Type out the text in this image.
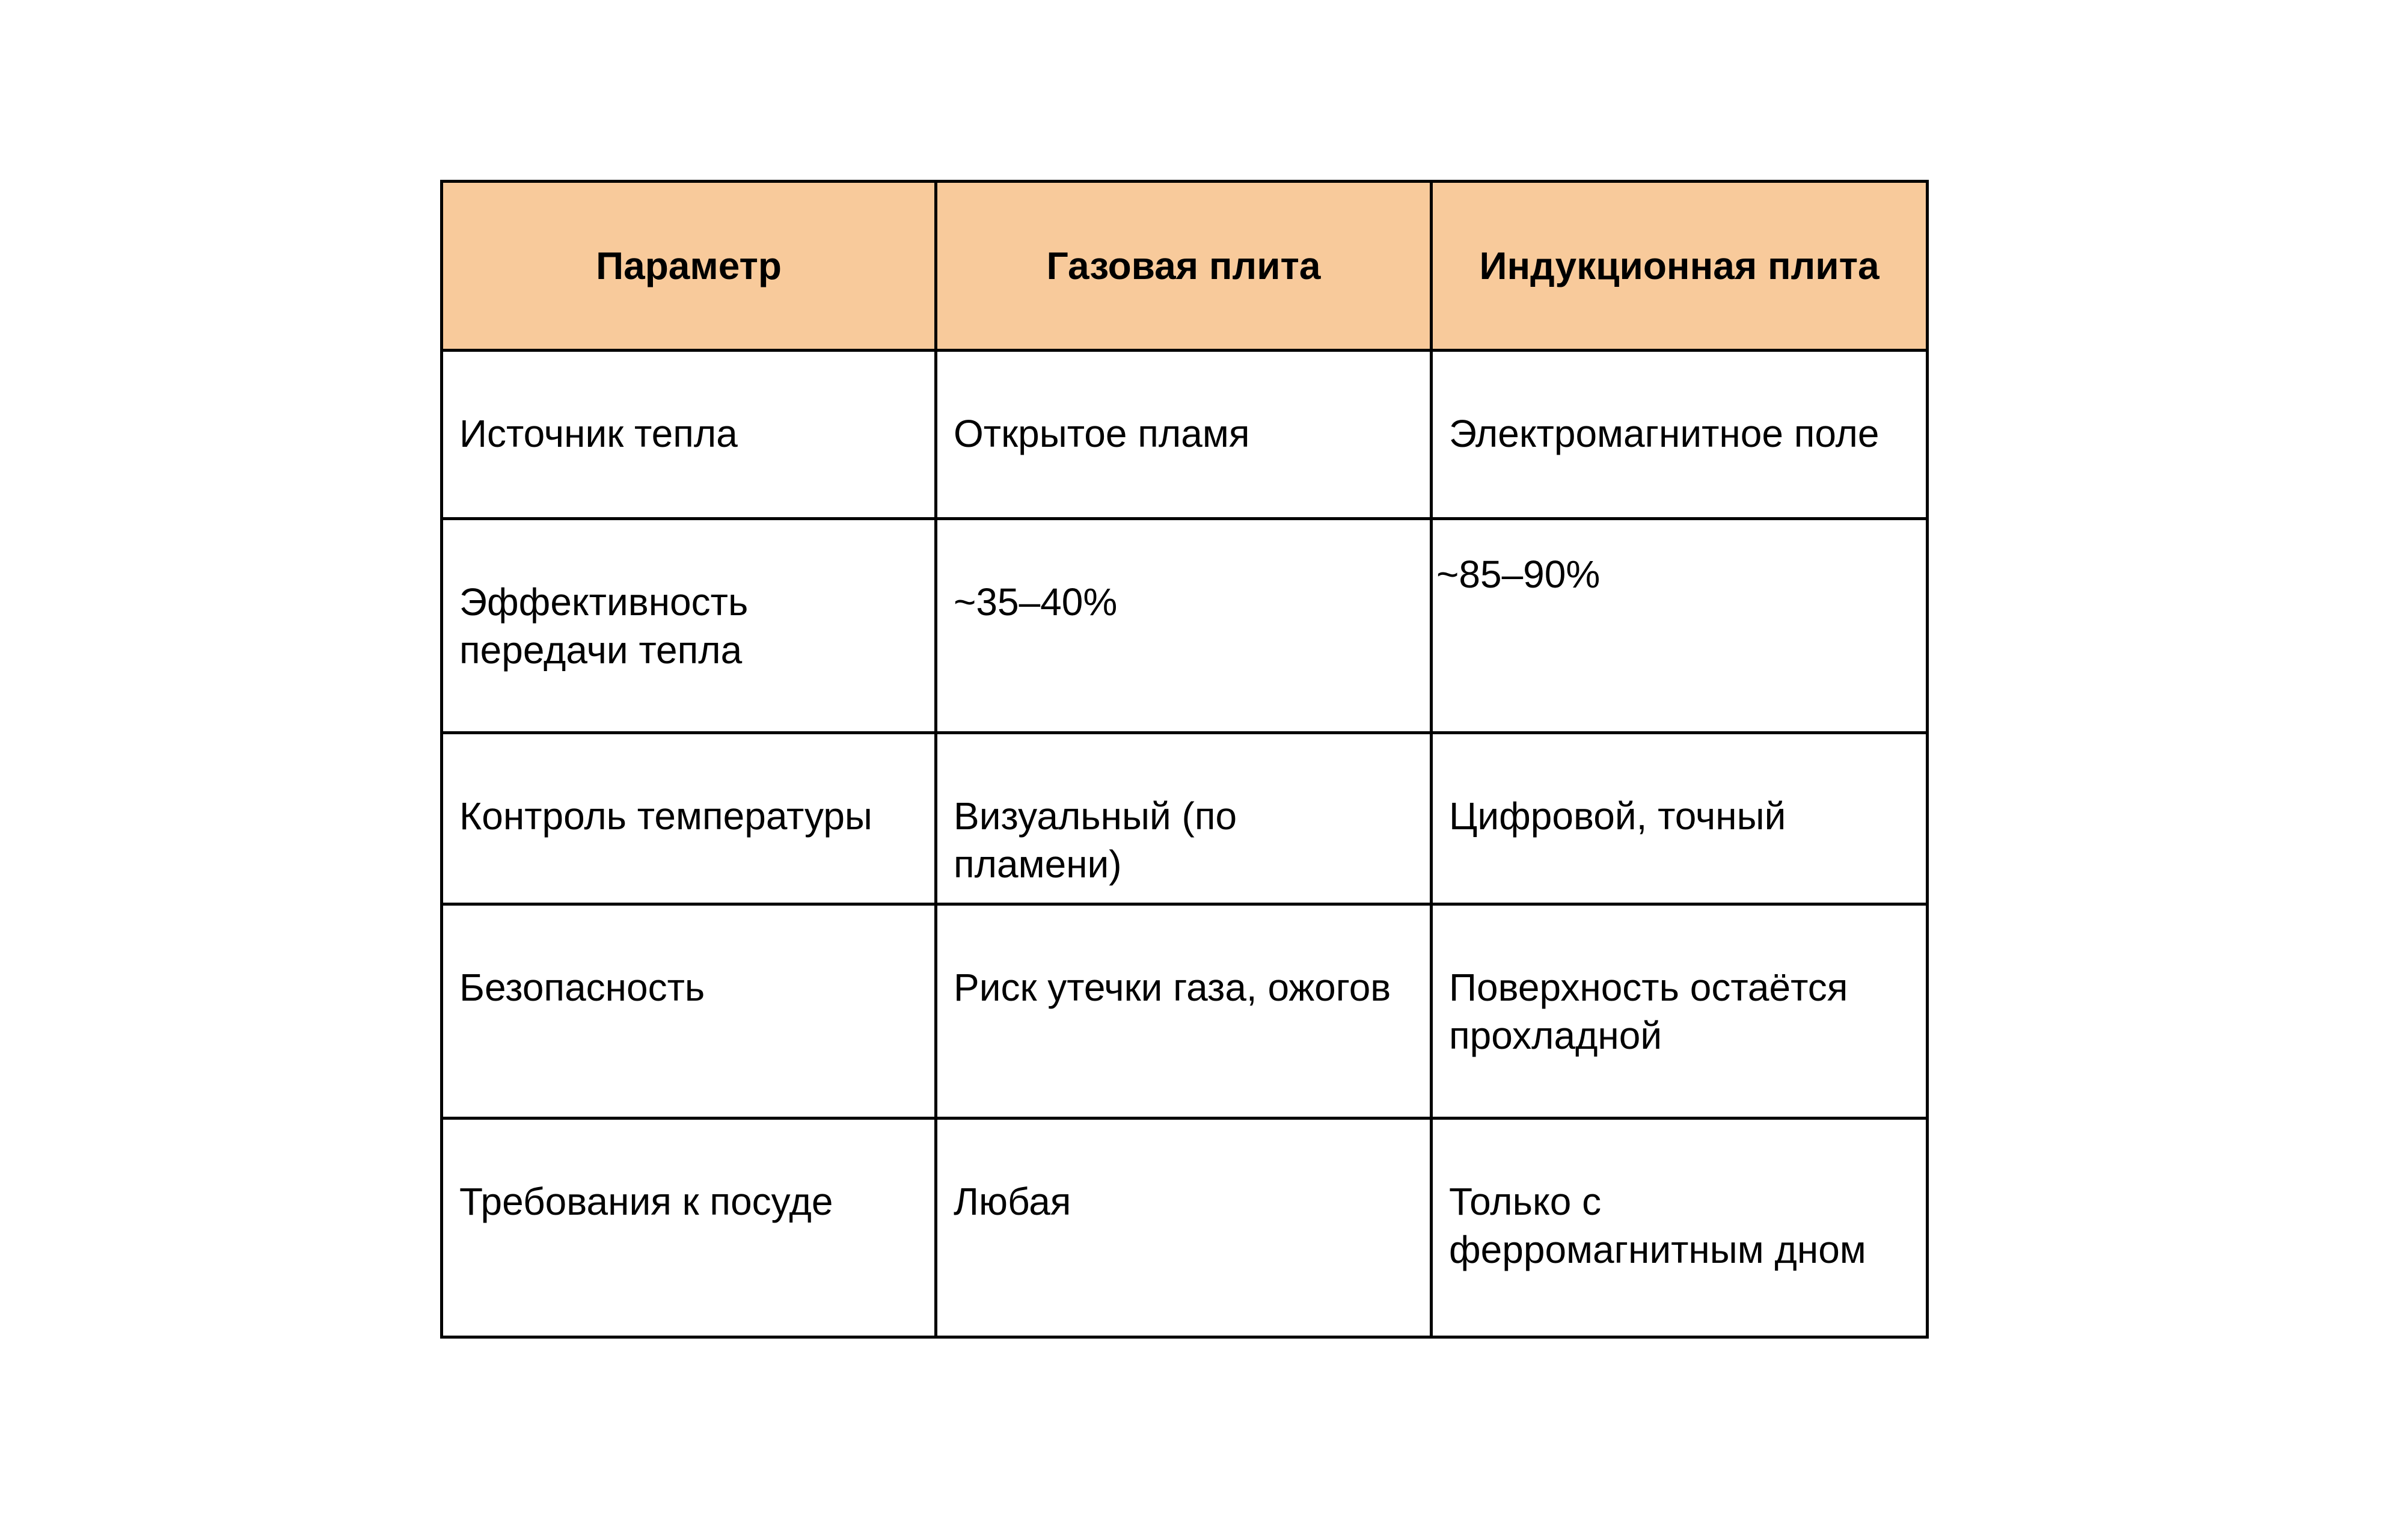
Параметр	Газовая плита	Индукционная плита
Источник тепла	Открытое пламя	Электромагнитное поле
Эффективность передачи тепла	~35–40%	~85–90%
Контроль температуры	Визуальный (по пламени)	Цифровой, точный
Безопасность	Риск утечки газа, ожогов	Поверхность остаётся прохладной
Требования к посуде	Любая	Только с ферромагнитным дном
